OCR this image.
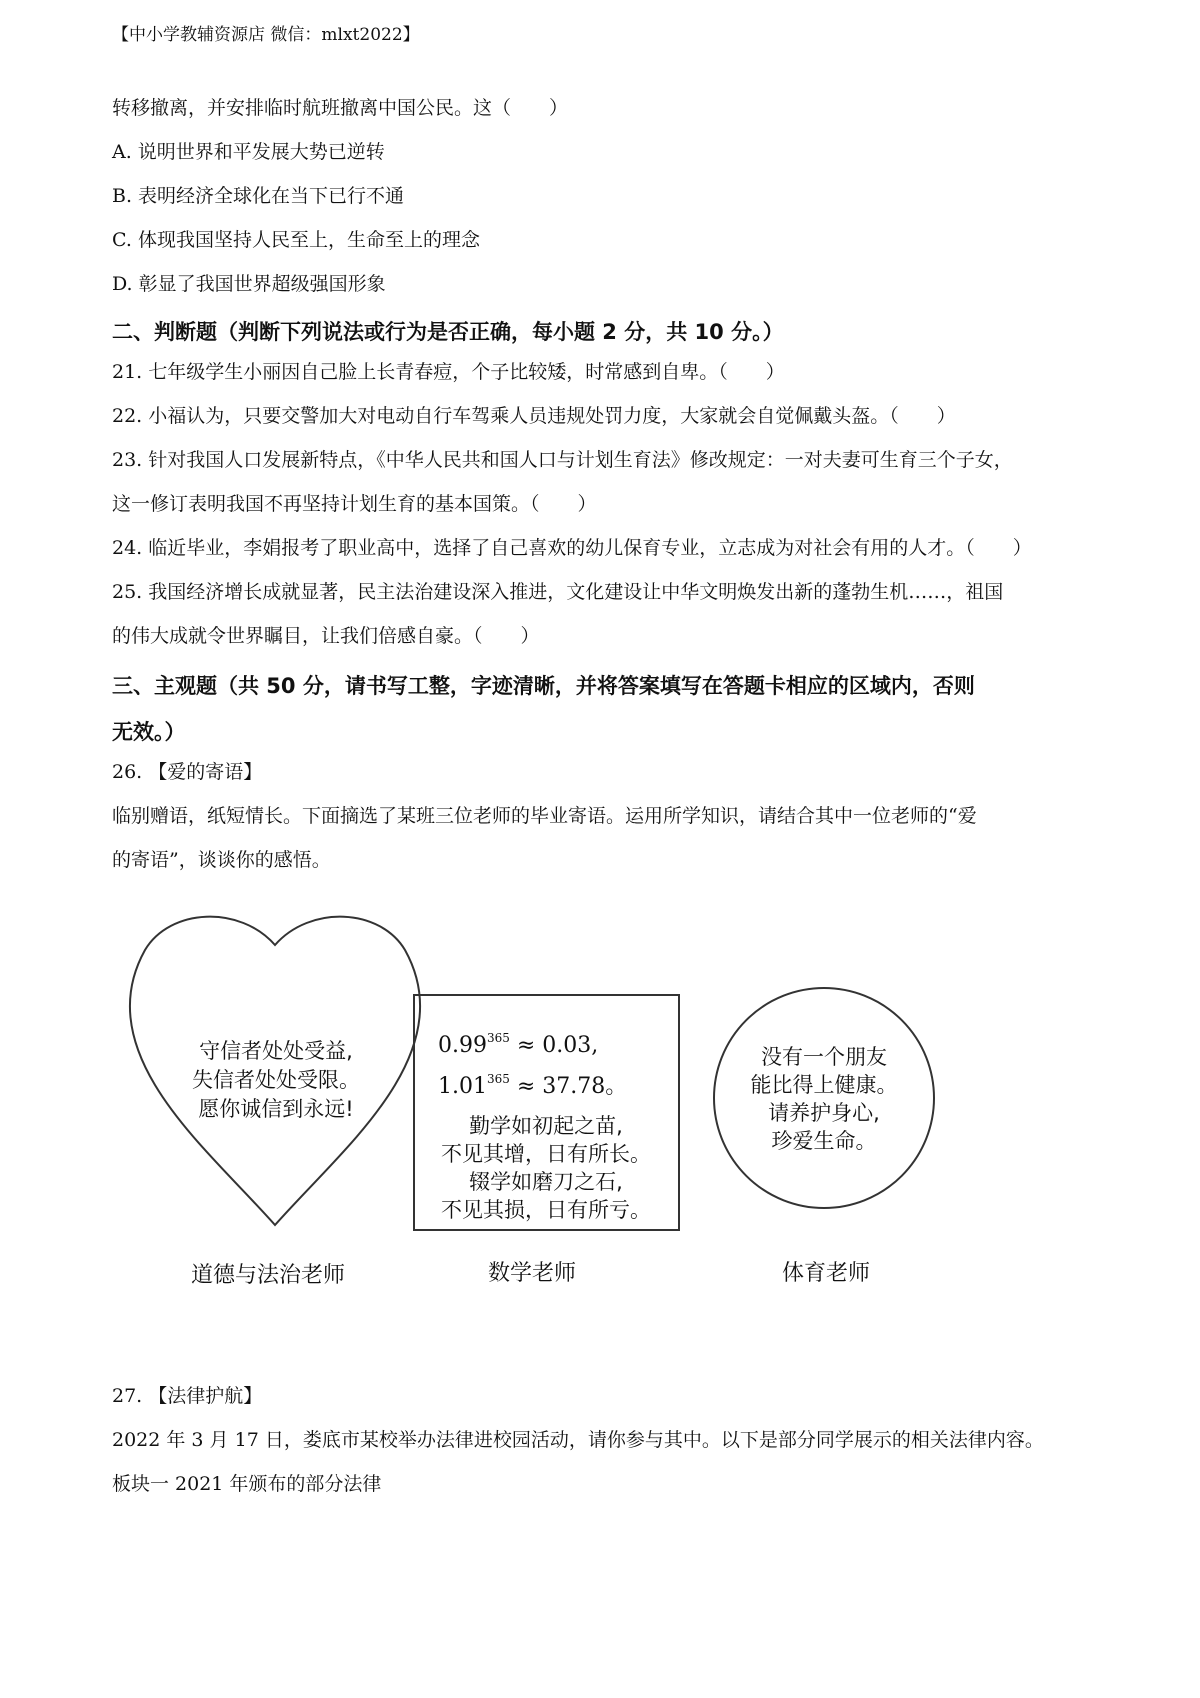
【中小学教辅资源店 微信：mlxt2022】
转移撤离，并安排临时航班撤离中国公民。这（　　）
A. 说明世界和平发展大势已逆转
B. 表明经济全球化在当下已行不通
C. 体现我国坚持人民至上，生命至上的理念
D. 彰显了我国世界超级强国形象
二、判断题（判断下列说法或行为是否正确，每小题 2 分，共 10 分。）
21. 七年级学生小丽因自己脸上长青春痘，个子比较矮，时常感到自卑。（　　）
22. 小福认为，只要交警加大对电动自行车驾乘人员违规处罚力度，大家就会自觉佩戴头盔。（　　）
23. 针对我国人口发展新特点，《中华人民共和国人口与计划生育法》修改规定：一对夫妻可生育三个子女，
这一修订表明我国不再坚持计划生育的基本国策。（　　）
24. 临近毕业，李娟报考了职业高中，选择了自己喜欢的幼儿保育专业，立志成为对社会有用的人才。（　　）
25. 我国经济增长成就显著，民主法治建设深入推进，文化建设让中华文明焕发出新的蓬勃生机……，祖国
的伟大成就令世界瞩目，让我们倍感自豪。（　　）
三、主观题（共 50 分，请书写工整，字迹清晰，并将答案填写在答题卡相应的区域内，否则
无效。）
26. 【爱的寄语】
临别赠语，纸短情长。下面摘选了某班三位老师的毕业寄语。运用所学知识，请结合其中一位老师的“爱
的寄语”，谈谈你的感悟。
守信者处处受益,
失信者处处受限。
愿你诚信到永远!
道德与法治老师
$0.99^{365} \approx 0.03$,
$1.01^{365} \approx 37.78$。
勤学如初起之苗,
不见其增，日有所长。
辍学如磨刀之石,
不见其损，日有所亏。
数学老师
没有一个朋友
能比得上健康。
请养护身心,
珍爱生命。
体育老师
27. 【法律护航】
2022 年 3 月 17 日，娄底市某校举办法律进校园活动，请你参与其中。以下是部分同学展示的相关法律内容。
板块一 2021 年颁布的部分法律
